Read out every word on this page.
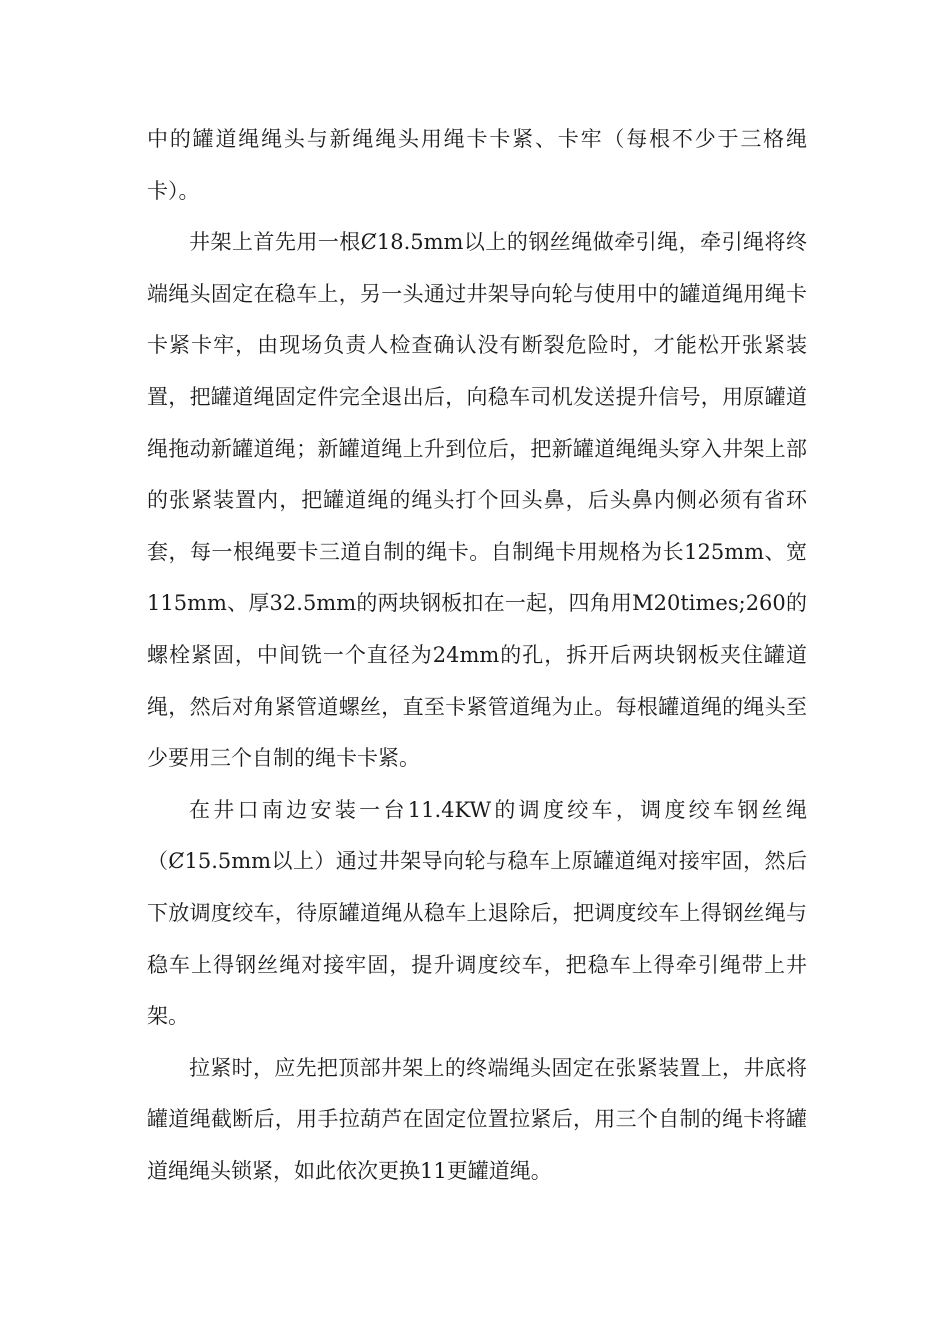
中的罐道绳绳头与新绳绳头用绳卡卡紧、卡牢（每根不少于三格绳卡）。

井架上首先用一根Ȼ18.5mm以上的钢丝绳做牵引绳，牵引绳将终端绳头固定在稳车上，另一头通过井架导向轮与使用中的罐道绳用绳卡卡紧卡牢，由现场负责人检查确认没有断裂危险时，才能松开张紧装置，把罐道绳固定件完全退出后，向稳车司机发送提升信号，用原罐道绳拖动新罐道绳；新罐道绳上升到位后，把新罐道绳绳头穿入井架上部的张紧装置内，把罐道绳的绳头打个回头鼻，后头鼻内侧必须有省环套，每一根绳要卡三道自制的绳卡。自制绳卡用规格为长125mm、宽115mm、厚32.5mm的两块钢板扣在一起，四角用M20times;260的螺栓紧固，中间铣一个直径为24mm的孔，拆开后两块钢板夹住罐道绳，然后对角紧管道螺丝，直至卡紧管道绳为止。每根罐道绳的绳头至少要用三个自制的绳卡卡紧。

在井口南边安装一台11.4KW的调度绞车，调度绞车钢丝绳（Ȼ15.5mm以上）通过井架导向轮与稳车上原罐道绳对接牢固，然后下放调度绞车，待原罐道绳从稳车上退除后，把调度绞车上得钢丝绳与稳车上得钢丝绳对接牢固，提升调度绞车，把稳车上得牵引绳带上井架。

拉紧时，应先把顶部井架上的终端绳头固定在张紧装置上，井底将罐道绳截断后，用手拉葫芦在固定位置拉紧后，用三个自制的绳卡将罐道绳绳头锁紧，如此依次更换11更罐道绳。
